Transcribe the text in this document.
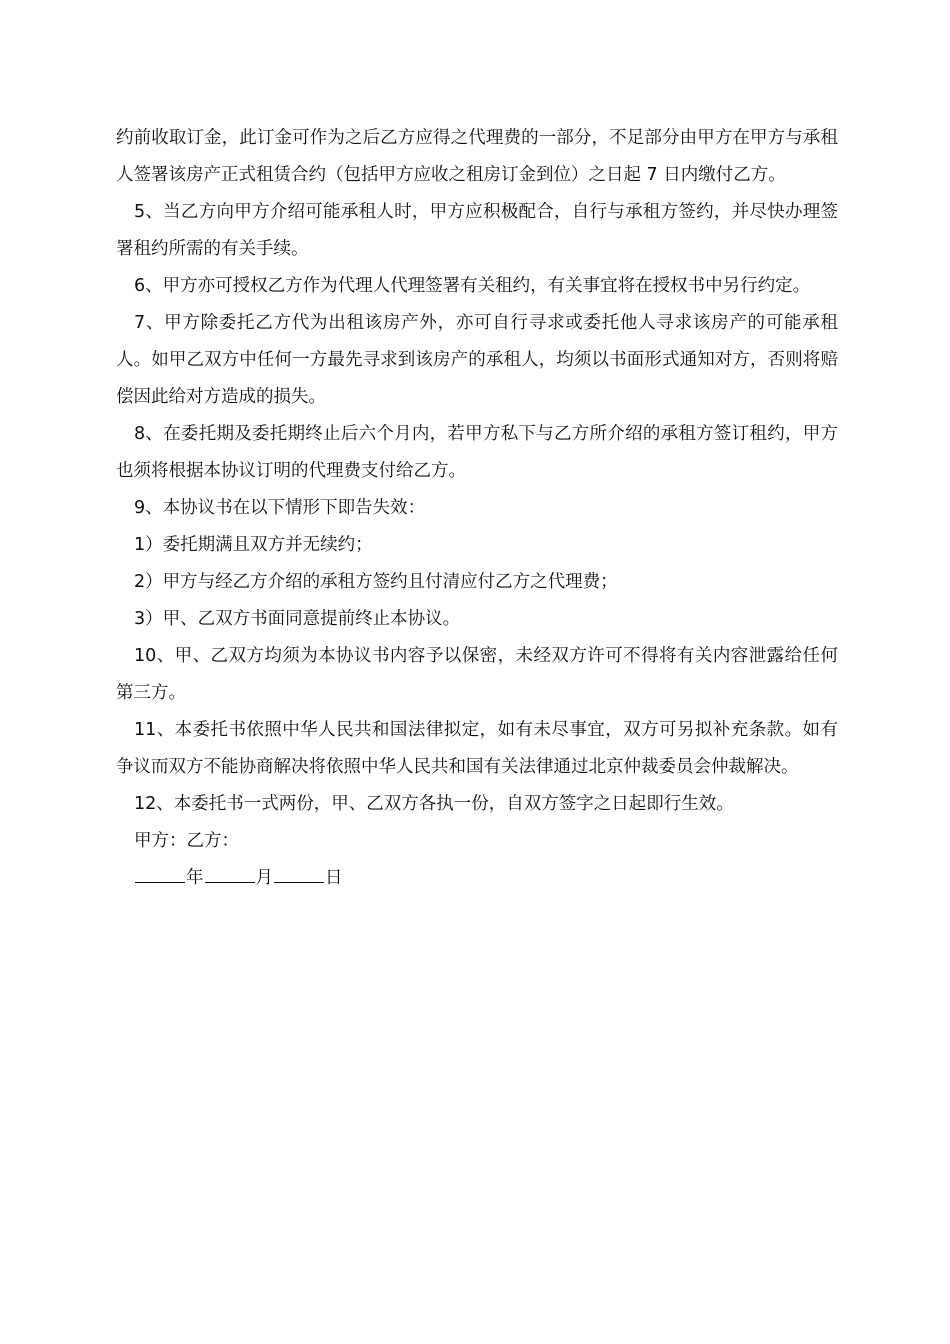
约前收取订金，此订金可作为之后乙方应得之代理费的一部分，不足部分由甲方在甲方与承租人签署该房产正式租赁合约（包括甲方应收之租房订金到位）之日起 7 日内缴付乙方。

5、当乙方向甲方介绍可能承租人时，甲方应积极配合，自行与承租方签约，并尽快办理签署租约所需的有关手续。

6、甲方亦可授权乙方作为代理人代理签署有关租约，有关事宜将在授权书中另行约定。

7、甲方除委托乙方代为出租该房产外，亦可自行寻求或委托他人寻求该房产的可能承租人。如甲乙双方中任何一方最先寻求到该房产的承租人，均须以书面形式通知对方，否则将赔偿因此给对方造成的损失。

8、在委托期及委托期终止后六个月内，若甲方私下与乙方所介绍的承租方签订租约，甲方也须将根据本协议订明的代理费支付给乙方。

9、本协议书在以下情形下即告失效：

1）委托期满且双方并无续约；

2）甲方与经乙方介绍的承租方签约且付清应付乙方之代理费；

3）甲、乙双方书面同意提前终止本协议。

10、甲、乙双方均须为本协议书内容予以保密，未经双方许可不得将有关内容泄露给任何第三方。

11、本委托书依照中华人民共和国法律拟定，如有未尽事宜，双方可另拟补充条款。如有争议而双方不能协商解决将依照中华人民共和国有关法律通过北京仲裁委员会仲裁解决。

12、本委托书一式两份，甲、乙双方各执一份，自双方签字之日起即行生效。

甲方：乙方：

年	月	日
